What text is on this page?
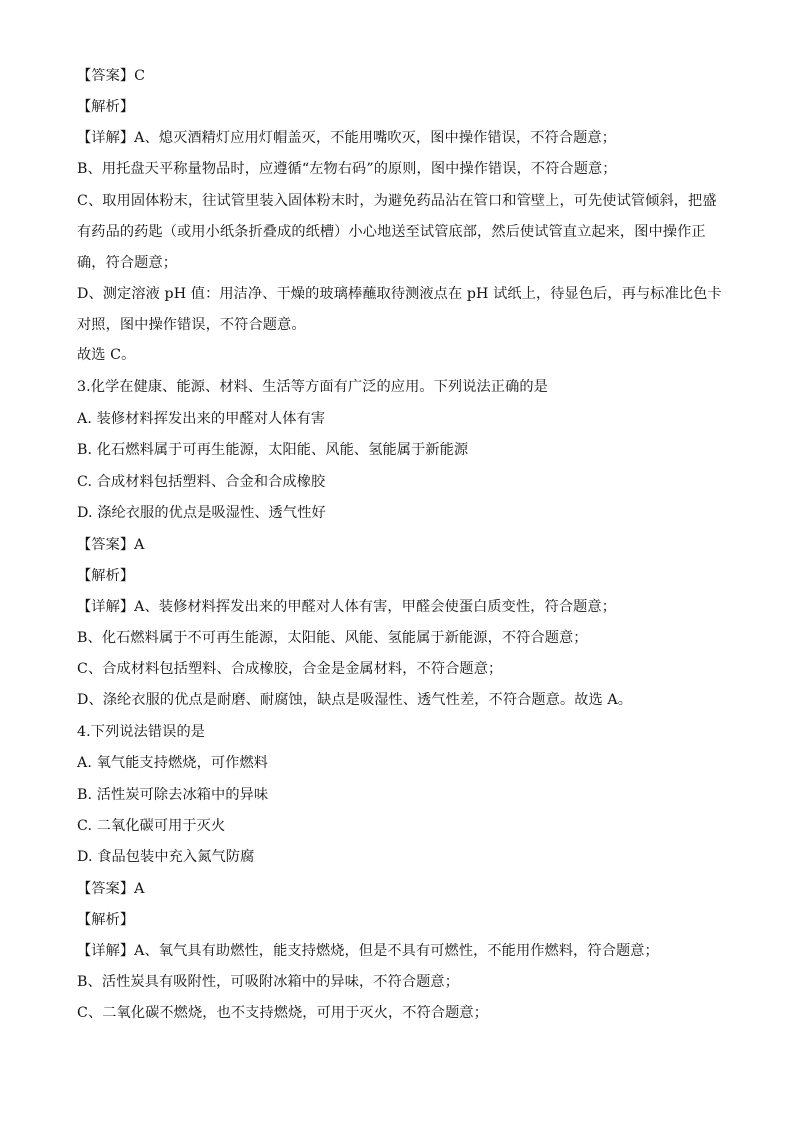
【答案】C
【解析】
【详解】A、熄灭酒精灯应用灯帽盖灭，不能用嘴吹灭，图中操作错误，不符合题意；
B、用托盘天平称量物品时，应遵循“左物右码”的原则，图中操作错误，不符合题意；
C、取用固体粉末，往试管里装入固体粉末时，为避免药品沾在管口和管壁上，可先使试管倾斜，把盛有药品的药匙（或用小纸条折叠成的纸槽）小心地送至试管底部，然后使试管直立起来，图中操作正确，符合题意；
D、测定溶液 pH 值：用洁净、干燥的玻璃棒蘸取待测液点在 pH 试纸上，待显色后，再与标准比色卡对照，图中操作错误，不符合题意。
故选 C。
3.化学在健康、能源、材料、生活等方面有广泛的应用。下列说法正确的是
A. 装修材料挥发出来的甲醛对人体有害
B. 化石燃料属于可再生能源，太阳能、风能、氢能属于新能源
C. 合成材料包括塑料、合金和合成橡胶
D. 涤纶衣服的优点是吸湿性、透气性好
【答案】A
【解析】
【详解】A、装修材料挥发出来的甲醛对人体有害，甲醛会使蛋白质变性，符合题意；
B、化石燃料属于不可再生能源，太阳能、风能、氢能属于新能源，不符合题意；
C、合成材料包括塑料、合成橡胶，合金是金属材料，不符合题意；
D、涤纶衣服的优点是耐磨、耐腐蚀，缺点是吸湿性、透气性差，不符合题意。故选 A。
4.下列说法错误的是
A. 氧气能支持燃烧，可作燃料
B. 活性炭可除去冰箱中的异味
C. 二氧化碳可用于灭火
D. 食品包装中充入氮气防腐
【答案】A
【解析】
【详解】A、氧气具有助燃性，能支持燃烧，但是不具有可燃性，不能用作燃料，符合题意；
B、活性炭具有吸附性，可吸附冰箱中的异味，不符合题意；
C、二氧化碳不燃烧，也不支持燃烧，可用于灭火，不符合题意；
